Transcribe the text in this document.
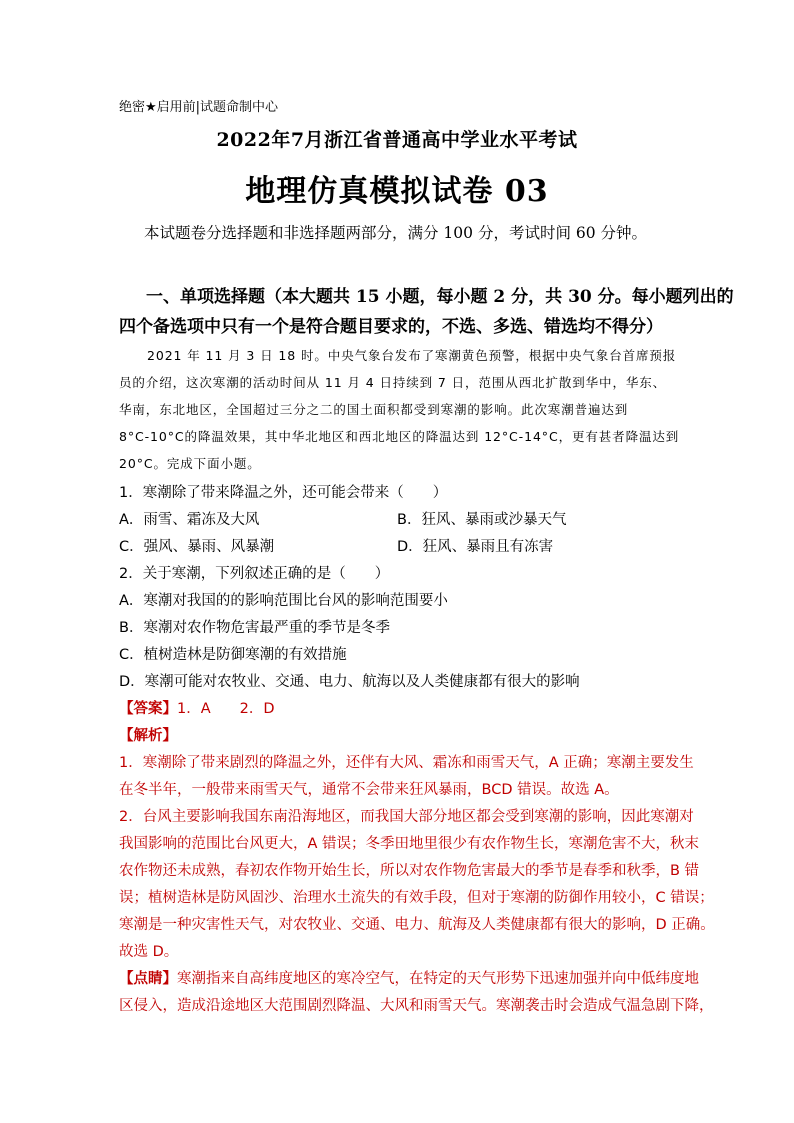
绝密★启用前|试题命制中心
2022年7月浙江省普通高中学业水平考试
地理仿真模拟试卷 03
本试题卷分选择题和非选择题两部分，满分 100 分，考试时间 60 分钟。
一、单项选择题（本大题共 15 小题，每小题 2 分，共 30 分。每小题列出的
四个备选项中只有一个是符合题目要求的，不选、多选、错选均不得分）
2021 年 11 月 3 日 18 时。中央气象台发布了寒潮黄色预警，根据中央气象台首席预报
员的介绍，这次寒潮的活动时间从 11 月 4 日持续到 7 日，范围从西北扩散到华中，华东、
华南，东北地区，全国超过三分之二的国土面积都受到寒潮的影响。此次寒潮普遍达到
8°C-10°C的降温效果，其中华北地区和西北地区的降温达到 12°C-14°C，更有甚者降温达到
20°C。完成下面小题。
1．寒潮除了带来降温之外，还可能会带来（　　）
A．雨雪、霜冻及大风	B．狂风、暴雨或沙暴天气
C．强风、暴雨、风暴潮	D．狂风、暴雨且有冻害
2．关于寒潮，下列叙述正确的是（　　）
A．寒潮对我国的的影响范围比台风的影响范围要小
B．寒潮对农作物危害最严重的季节是冬季
C．植树造林是防御寒潮的有效措施
D．寒潮可能对农牧业、交通、电力、航海以及人类健康都有很大的影响
【答案】1．A　　2．D
【解析】
1．寒潮除了带来剧烈的降温之外，还伴有大风、霜冻和雨雪天气，A 正确；寒潮主要发生
在冬半年，一般带来雨雪天气，通常不会带来狂风暴雨，BCD 错误。故选 A。
2．台风主要影响我国东南沿海地区，而我国大部分地区都会受到寒潮的影响，因此寒潮对
我国影响的范围比台风更大，A 错误；冬季田地里很少有农作物生长，寒潮危害不大，秋末
农作物还未成熟，春初农作物开始生长，所以对农作物危害最大的季节是春季和秋季，B 错
误；植树造林是防风固沙、治理水土流失的有效手段，但对于寒潮的防御作用较小，C 错误；
寒潮是一种灾害性天气，对农牧业、交通、电力、航海及人类健康都有很大的影响，D 正确。
故选 D。
【点睛】寒潮指来自高纬度地区的寒冷空气，在特定的天气形势下迅速加强并向中低纬度地
区侵入，造成沿途地区大范围剧烈降温、大风和雨雪天气。寒潮袭击时会造成气温急剧下降，
